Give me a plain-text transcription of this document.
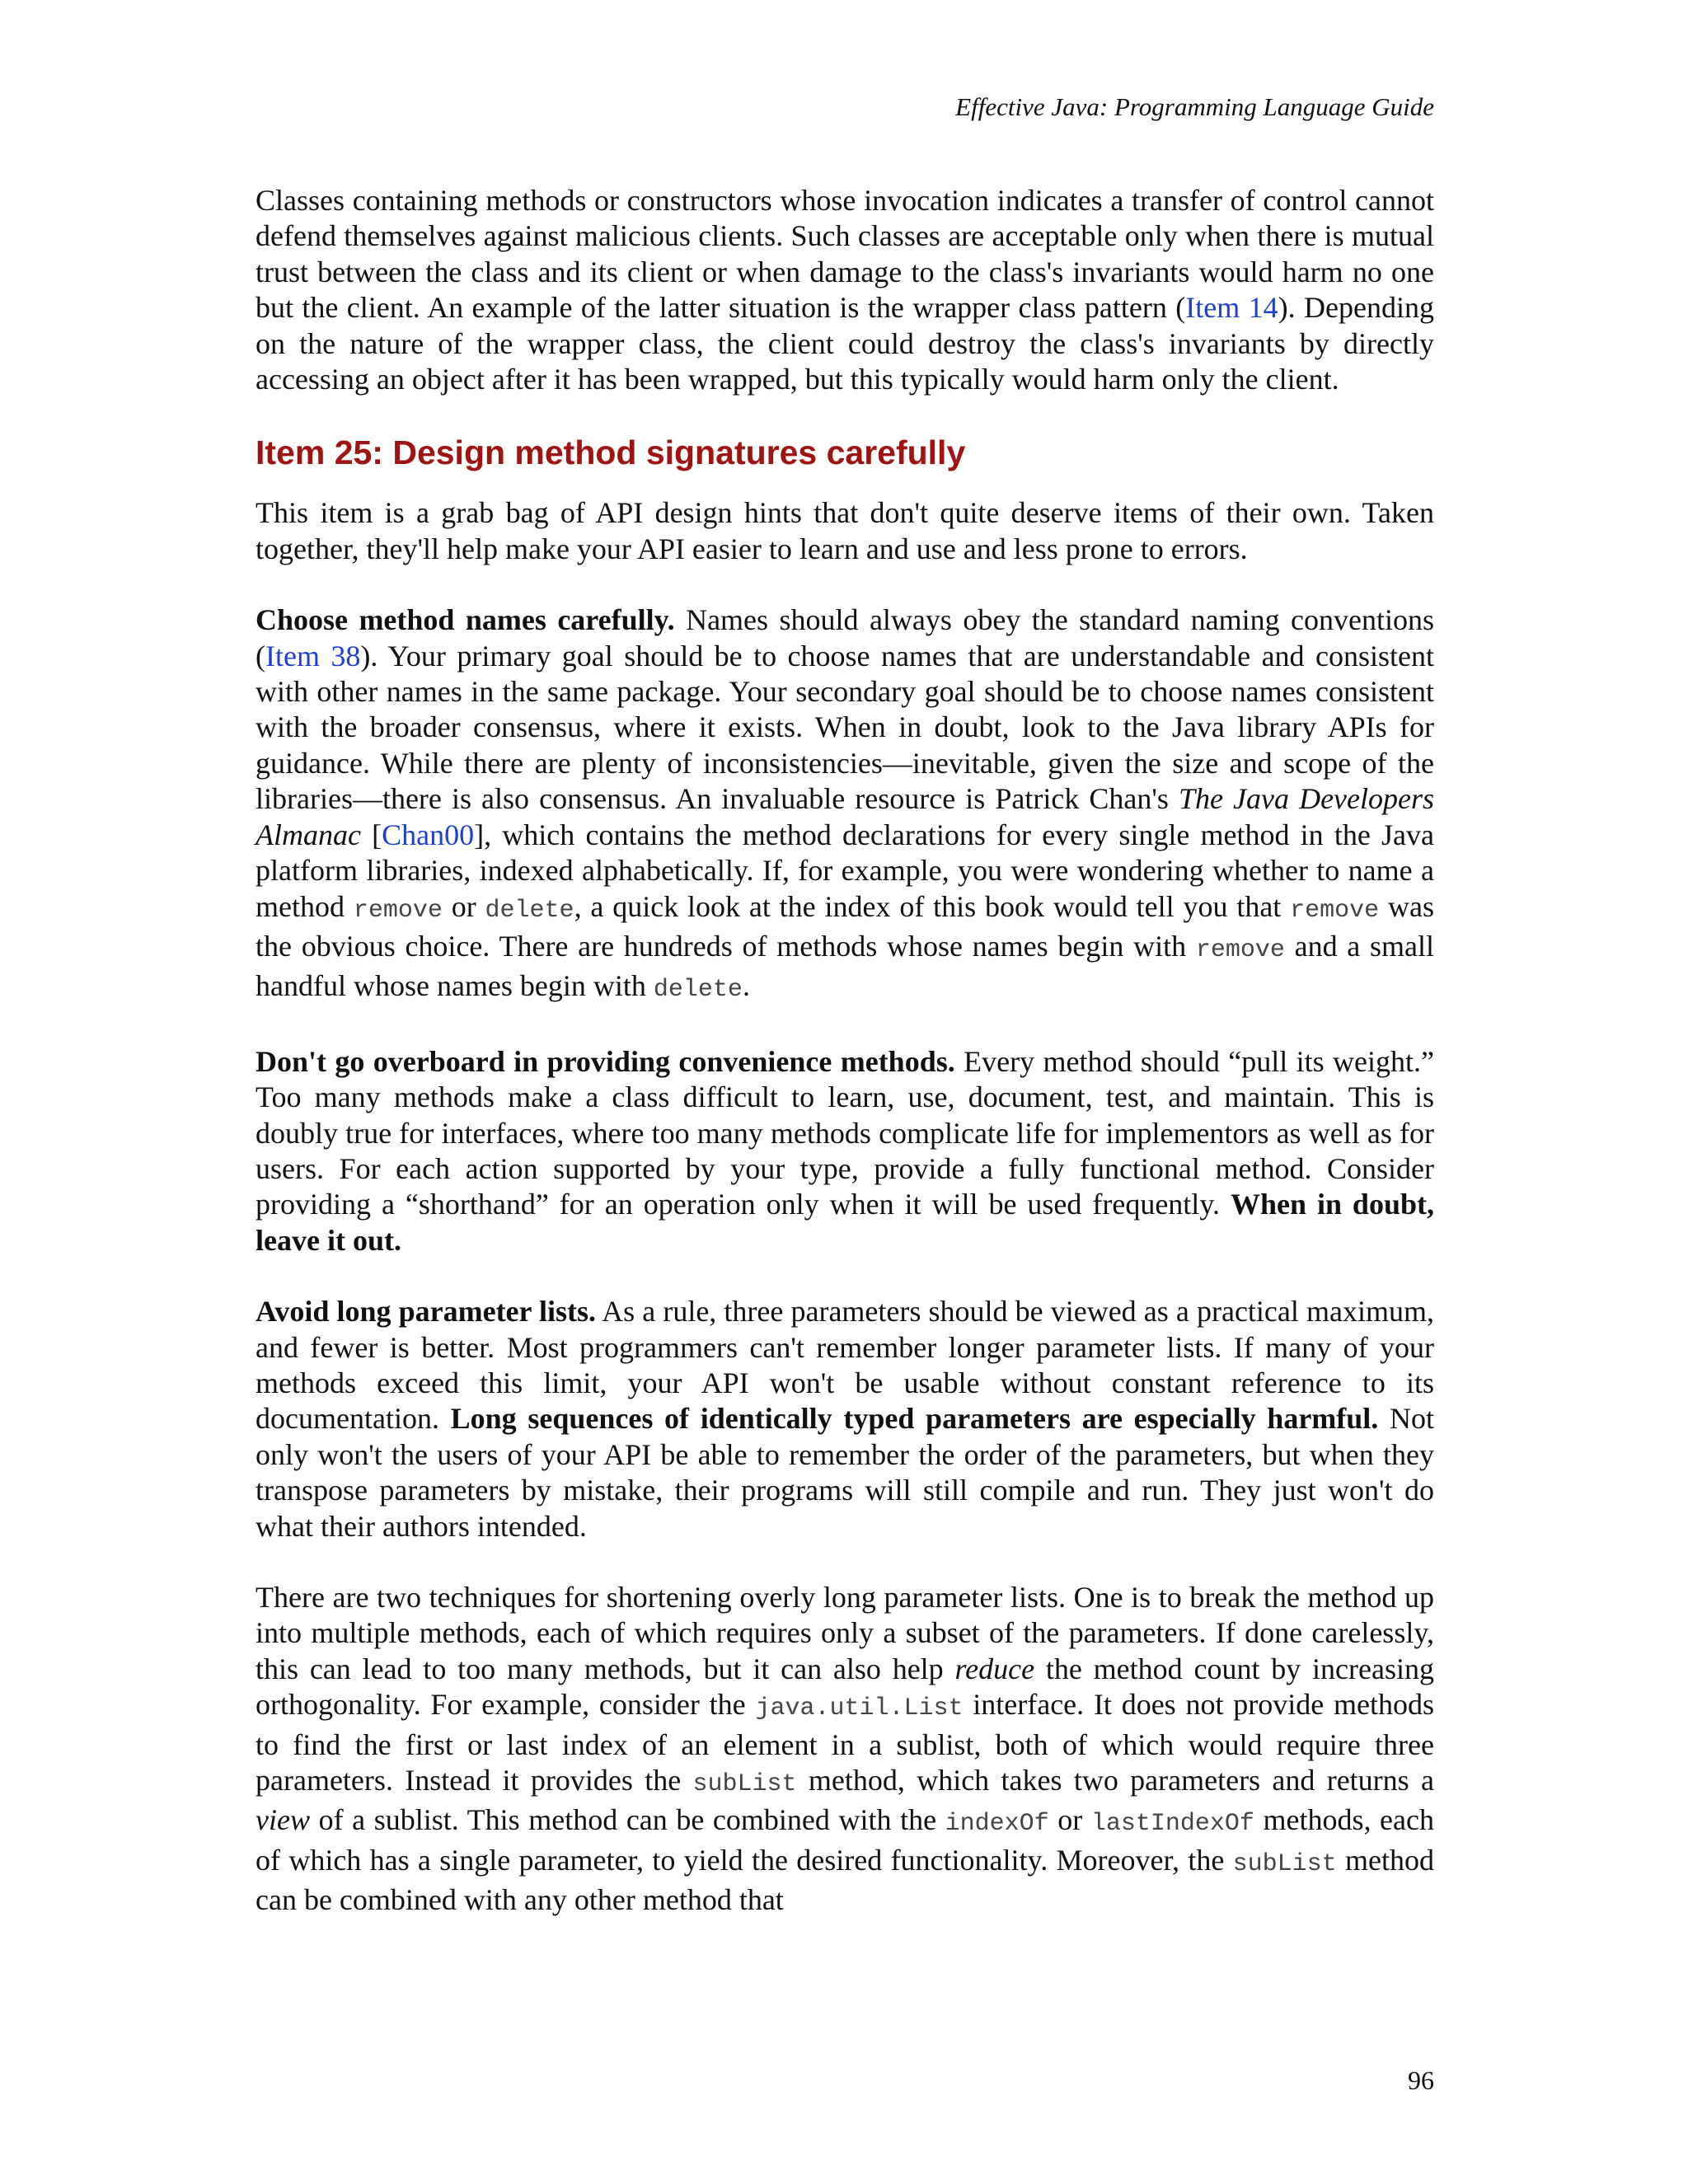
Effective Java: Programming Language Guide

Classes containing methods or constructors whose invocation indicates a transfer of control cannot defend themselves against malicious clients. Such classes are acceptable only when there is mutual trust between the class and its client or when damage to the class's invariants would harm no one but the client. An example of the latter situation is the wrapper class pattern (Item 14). Depending on the nature of the wrapper class, the client could destroy the class's invariants by directly accessing an object after it has been wrapped, but this typically would harm only the client.

Item 25: Design method signatures carefully

This item is a grab bag of API design hints that don't quite deserve items of their own. Taken together, they'll help make your API easier to learn and use and less prone to errors.

Choose method names carefully. Names should always obey the standard naming conventions (Item 38). Your primary goal should be to choose names that are understandable and consistent with other names in the same package. Your secondary goal should be to choose names consistent with the broader consensus, where it exists. When in doubt, look to the Java library APIs for guidance. While there are plenty of inconsistencies—inevitable, given the size and scope of the libraries—there is also consensus. An invaluable resource is Patrick Chan's The Java Developers Almanac [Chan00], which contains the method declarations for every single method in the Java platform libraries, indexed alphabetically. If, for example, you were wondering whether to name a method remove or delete, a quick look at the index of this book would tell you that remove was the obvious choice. There are hundreds of methods whose names begin with remove and a small handful whose names begin with delete.

Don't go overboard in providing convenience methods. Every method should “pull its weight.” Too many methods make a class difficult to learn, use, document, test, and maintain. This is doubly true for interfaces, where too many methods complicate life for implementors as well as for users. For each action supported by your type, provide a fully functional method. Consider providing a “shorthand” for an operation only when it will be used frequently. When in doubt, leave it out.

Avoid long parameter lists. As a rule, three parameters should be viewed as a practical maximum, and fewer is better. Most programmers can't remember longer parameter lists. If many of your methods exceed this limit, your API won't be usable without constant reference to its documentation. Long sequences of identically typed parameters are especially harmful. Not only won't the users of your API be able to remember the order of the parameters, but when they transpose parameters by mistake, their programs will still compile and run. They just won't do what their authors intended.

There are two techniques for shortening overly long parameter lists. One is to break the method up into multiple methods, each of which requires only a subset of the parameters. If done carelessly, this can lead to too many methods, but it can also help reduce the method count by increasing orthogonality. For example, consider the java.util.List interface. It does not provide methods to find the first or last index of an element in a sublist, both of which would require three parameters. Instead it provides the subList method, which takes two parameters and returns a view of a sublist. This method can be combined with the indexOf or lastIndexOf methods, each of which has a single parameter, to yield the desired functionality. Moreover, the subList method can be combined with any other method that

96
